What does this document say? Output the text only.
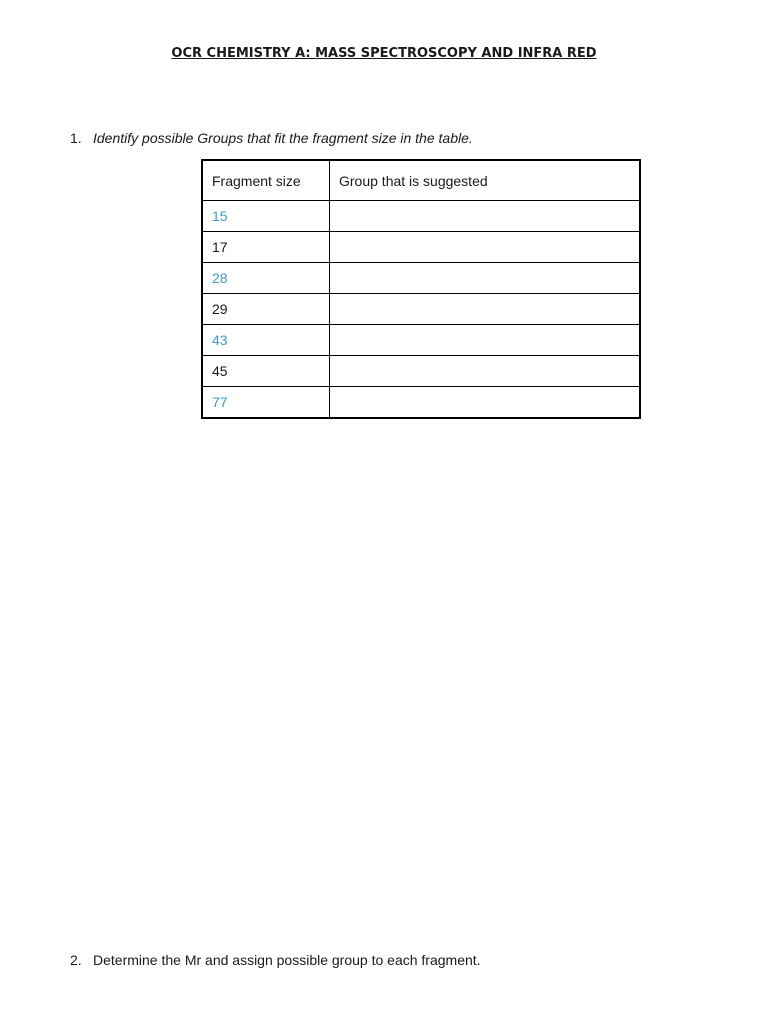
OCR CHEMISTRY A: MASS SPECTROSCOPY AND INFRA RED
1. Identify possible Groups that fit the fragment size in the table.
Fragment size	Group that is suggested
15	
17	
28	
29	
43	
45	
77	
2. Determine the Mr and assign possible group to each fragment.
